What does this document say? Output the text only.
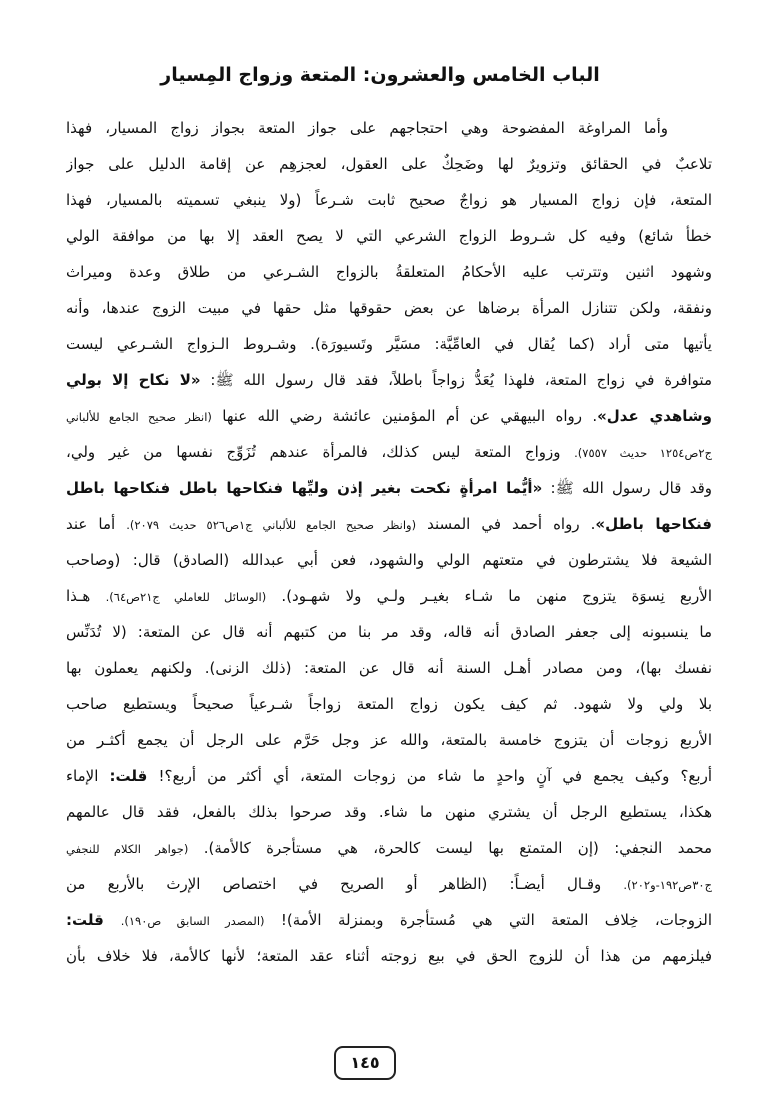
الباب الخامس والعشرون: المتعة وزواج المِسيار
وأما المراوغة المفضوحة وهي احتجاجهم على جواز المتعة بجواز زواج المسيار، فهذا
تلاعبٌ في الحقائق وتزويرٌ لها وضَحِكٌ على العقول، لعجزهِم عن إقامة الدليل على جواز
المتعة، فإن زواج المسيار هو زواجٌ صحيح ثابت شـرعاً (ولا ينبغي تسميته بالمسيار، فهذا
خطأ شائع) وفيه كل شـروط الزواج الشرعي التي لا يصح العقد إلا بها من موافقة الولي
وشهود اثنين وتترتب عليه الأحكامُ المتعلقةُ بالزواج الشـرعي من طلاق وعدة وميراث
ونفقة، ولكن تتنازل المرأة برضاها عن بعض حقوقها مثل حقها في مبيت الزوج عندها، وأنه
يأتيها متى أراد (كما يُقال في العامِّيَّة: مسَيَّر وتَسيورَة). وشـروط الـزواج الشـرعي ليست
متوافرة في زواج المتعة، فلهذا يُعَدُّ زواجاً باطلاً، فقد قال رسول الله ﷺ: «لا نكاح إلا بولي
وشاهدي عدل». رواه البيهقي عن أم المؤمنين عائشة رضي الله عنها (انظر صحيح الجامع للألباني
ج٢ص١٢٥٤ حديث ٧٥٥٧). وزواج المتعة ليس كذلك، فالمرأة عندهم تُزَوِّج نفسها من غير ولي،
وقد قال رسول الله ﷺ: «أيُّما امرأةٍ نكحت بغير إذن وليِّها فنكاحها باطل فنكاحها باطل
فنكاحها باطل». رواه أحمد في المسند (وانظر صحيح الجامع للألباني ج١ص٥٢٦ حديث ٢٠٧٩). أما عند
الشيعة فلا يشترطون في متعتهم الولي والشهود، فعن أبي عبدالله (الصادق) قال: (وصاحب
الأربع نِسوَة يتزوج منهن ما شـاء بغيـر ولـي ولا شهـود). (الوسائل للعاملي ج٢١ص٦٤). هـذا
ما ينسبونه إلى جعفر الصادق أنه قاله، وقد مر بنا من كتبهم أنه قال عن المتعة: (لا تُدَنِّس
نفسك بها)، ومن مصادر أهـل السنة أنه قال عن المتعة: (ذلك الزنى). ولكنهم يعملون بها
بلا ولي ولا شهود. ثم كيف يكون زواج المتعة زواجاً شـرعياً صحيحاً ويستطيع صاحب
الأربع زوجات أن يتزوج خامسة بالمتعة، والله عز وجل حَرَّم على الرجل أن يجمع أكثـر من
أربع؟ وكيف يجمع في آنٍ واحدٍ ما شاء من زوجات المتعة، أي أكثر من أربع؟! قلت: الإماء
هكذا، يستطيع الرجل أن يشتري منهن ما شاء. وقد صرحوا بذلك بالفعل، فقد قال عالمهم
محمد النجفي: (إن المتمتع بها ليست كالحرة، هي مستأجرة كالأمة). (جواهر الكلام للنجفي
ج٣٠ص١٩٢-و٢٠٢). وقـال أيضـاً: (الظاهر أو الصريح في اختصاص الإرث بالأربع من
الزوجات، خِلاف المتعة التي هي مُستأجرة وبمنزلة الأمة)! (المصدر السابق ص١٩٠). قلت:
فيلزمهم من هذا أن للزوج الحق في بيع زوجته أثناء عقد المتعة؛ لأنها كالأمة، فلا خلاف بأن
١٤٥
